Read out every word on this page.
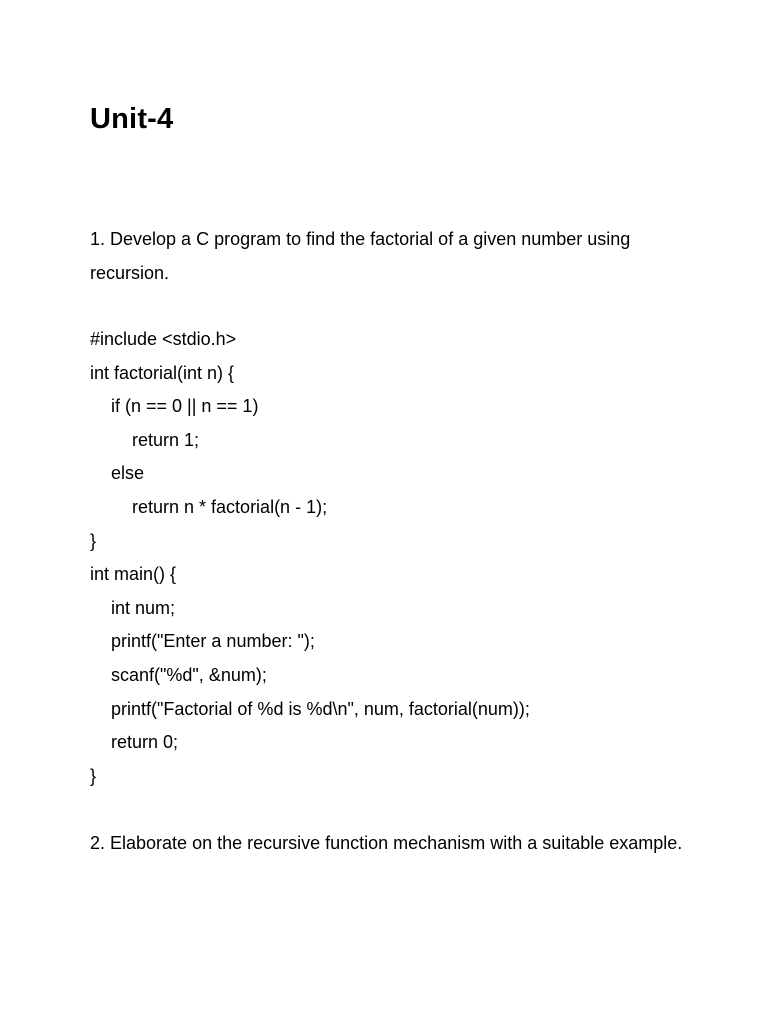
Unit-4

1. Develop a C program to find the factorial of a given number using recursion.

#include <stdio.h>
int factorial(int n) {
if (n == 0 || n == 1)
return 1;
else
return n * factorial(n - 1);
}
int main() {
int num;
printf("Enter a number: ");
scanf("%d", &num);
printf("Factorial of %d is %d\n", num, factorial(num));
return 0;
}

2. Elaborate on the recursive function mechanism with a suitable example.
